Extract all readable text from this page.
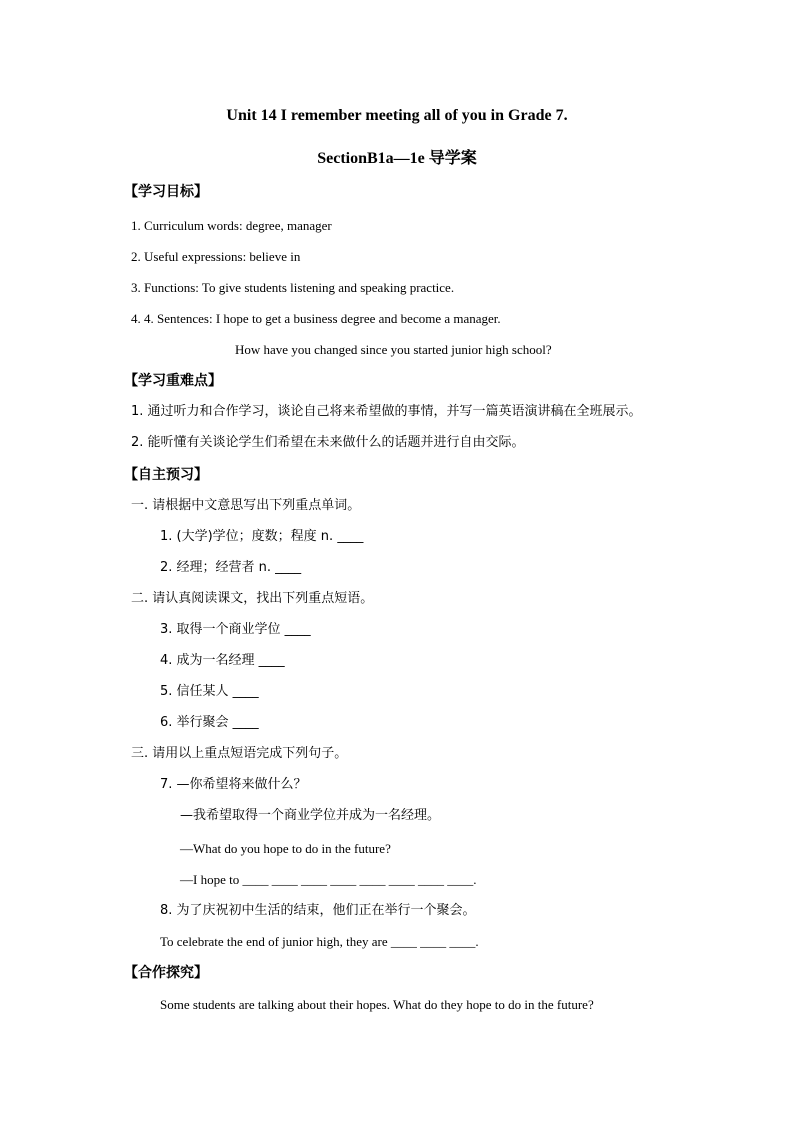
Unit 14 I remember meeting all of you in Grade 7.
SectionB1a—1e 导学案
【学习目标】
1. Curriculum words: degree, manager
2. Useful expressions: believe in
3. Functions: To give students listening and speaking practice.
4. 4. Sentences: I hope to get a business degree and become a manager.
How have you changed since you started junior high school?
【学习重难点】
1. 通过听力和合作学习，谈论自己将来希望做的事情，并写一篇英语演讲稿在全班展示。
2. 能听懂有关谈论学生们希望在未来做什么的话题并进行自由交际。
【自主预习】
一. 请根据中文意思写出下列重点单词。
1. (大学)学位；度数；程度 n. ____
2. 经理；经营者 n. ____
二. 请认真阅读课文，找出下列重点短语。
3. 取得一个商业学位 ____
4. 成为一名经理 ____
5. 信任某人 ____
6. 举行聚会 ____
三. 请用以上重点短语完成下列句子。
7. —你希望将来做什么？
—我希望取得一个商业学位并成为一名经理。
—What do you hope to do in the future?
—I hope to ____ ____ ____ ____ ____ ____ ____ ____.
8. 为了庆祝初中生活的结束，他们正在举行一个聚会。
To celebrate the end of junior high, they are ____ ____ ____.
【合作探究】
Some students are talking about their hopes. What do they hope to do in the future?
